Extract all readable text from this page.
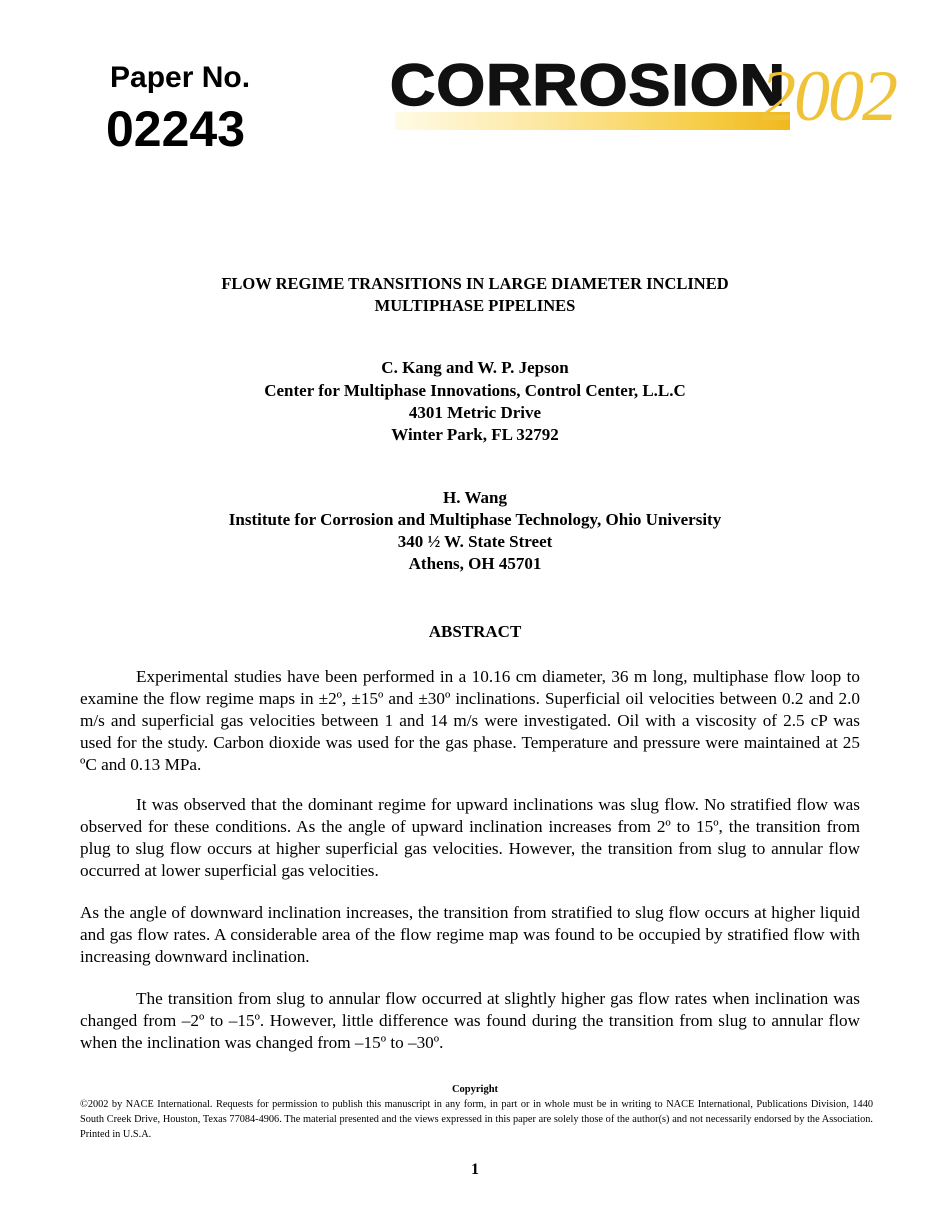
Paper No.
02243
CORROSION
2002
FLOW REGIME TRANSITIONS IN LARGE DIAMETER INCLINED
MULTIPHASE PIPELINES
C. Kang and W. P. Jepson
Center for Multiphase Innovations, Control Center, L.L.C
4301 Metric Drive
Winter Park, FL 32792
H. Wang
Institute for Corrosion and Multiphase Technology, Ohio University
340 ½ W. State Street
Athens, OH 45701
ABSTRACT
Experimental studies have been performed in a 10.16 cm diameter, 36 m long, multiphase flow loop to examine the flow regime maps in ±2º, ±15º and ±30º inclinations. Superficial oil velocities between 0.2 and 2.0 m/s and superficial gas velocities between 1 and 14 m/s were investigated. Oil with a viscosity of 2.5 cP was used for the study. Carbon dioxide was used for the gas phase. Temperature and pressure were maintained at 25 ºC and 0.13 MPa.
It was observed that the dominant regime for upward inclinations was slug flow. No stratified flow was observed for these conditions. As the angle of upward inclination increases from 2º to 15º, the transition from plug to slug flow occurs at higher superficial gas velocities. However, the transition from slug to annular flow occurred at lower superficial gas velocities.
As the angle of downward inclination increases, the transition from stratified to slug flow occurs at higher liquid and gas flow rates. A considerable area of the flow regime map was found to be occupied by stratified flow with increasing downward inclination.
The transition from slug to annular flow occurred at slightly higher gas flow rates when inclination was changed from –2º to –15º. However, little difference was found during the transition from slug to annular flow when the inclination was changed from –15º to –30º.
Copyright
©2002 by NACE International. Requests for permission to publish this manuscript in any form, in part or in whole must be in writing to NACE International, Publications Division, 1440 South Creek Drive, Houston, Texas 77084-4906. The material presented and the views expressed in this paper are solely those of the author(s) and not necessarily endorsed by the Association. Printed in U.S.A.
1
